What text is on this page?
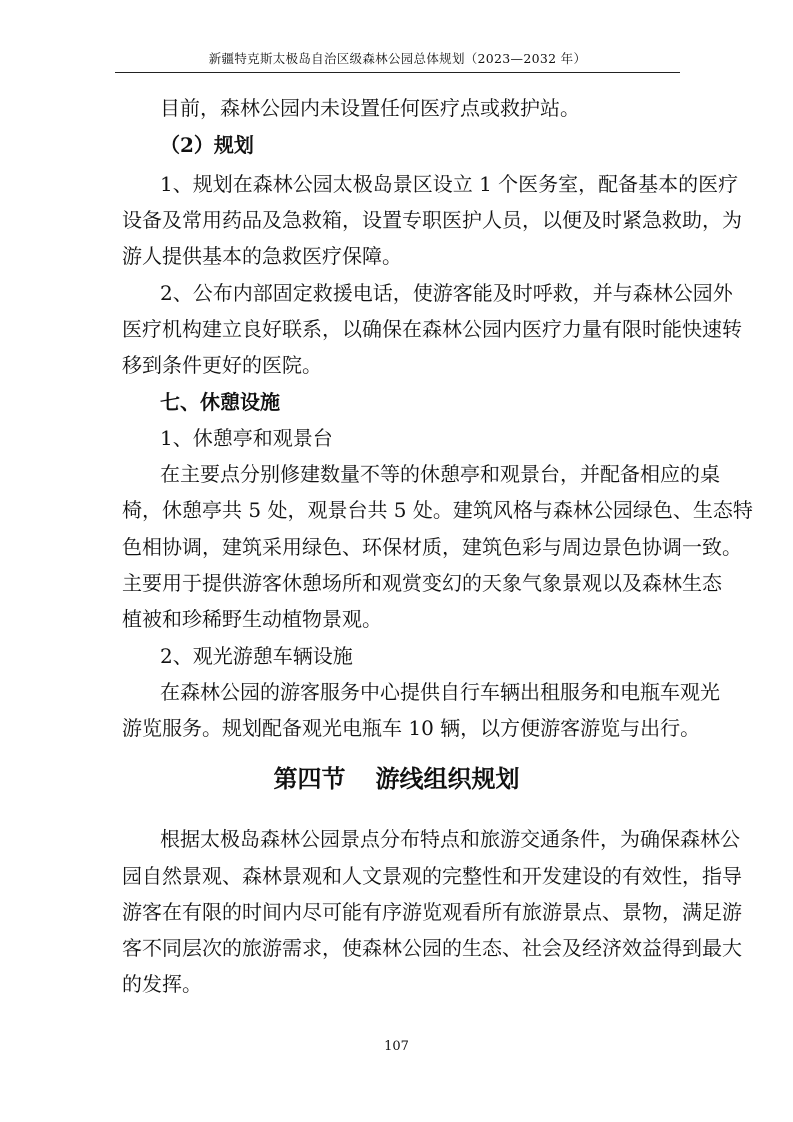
新疆特克斯太极岛自治区级森林公园总体规划（2023—2032 年）
目前，森林公园内未设置任何医疗点或救护站。
（2）规划
1、规划在森林公园太极岛景区设立 1 个医务室，配备基本的医疗
设备及常用药品及急救箱，设置专职医护人员，以便及时紧急救助，为
游人提供基本的急救医疗保障。
2、公布内部固定救援电话，使游客能及时呼救，并与森林公园外
医疗机构建立良好联系，以确保在森林公园内医疗力量有限时能快速转
移到条件更好的医院。
七、休憩设施
1、休憩亭和观景台
在主要点分别修建数量不等的休憩亭和观景台，并配备相应的桌
椅，休憩亭共 5 处，观景台共 5 处。建筑风格与森林公园绿色、生态特
色相协调，建筑采用绿色、环保材质，建筑色彩与周边景色协调一致。
主要用于提供游客休憩场所和观赏变幻的天象气象景观以及森林生态
植被和珍稀野生动植物景观。
2、观光游憩车辆设施
在森林公园的游客服务中心提供自行车辆出租服务和电瓶车观光
游览服务。规划配备观光电瓶车 10 辆，以方便游客游览与出行。
第四节 游线组织规划
根据太极岛森林公园景点分布特点和旅游交通条件，为确保森林公
园自然景观、森林景观和人文景观的完整性和开发建设的有效性，指导
游客在有限的时间内尽可能有序游览观看所有旅游景点、景物，满足游
客不同层次的旅游需求，使森林公园的生态、社会及经济效益得到最大
的发挥。
107
